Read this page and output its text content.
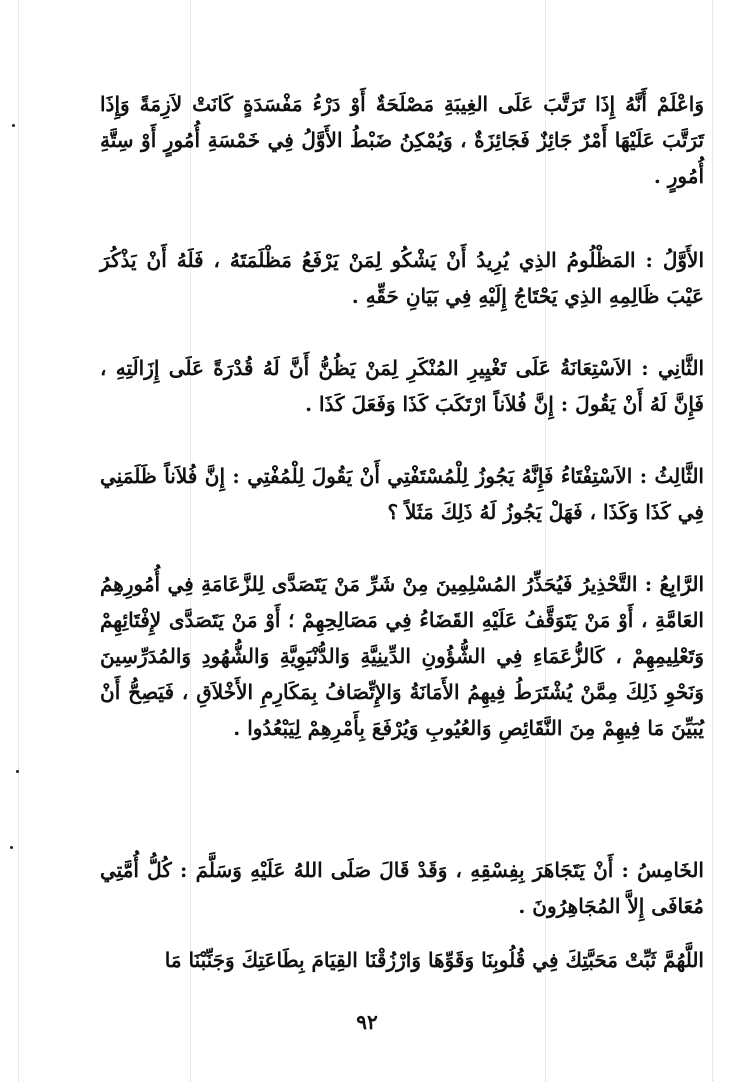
وَاعْلَمْ أَنَّهُ إِذَا تَرَتَّبَ عَلَى الغِيبَةِ مَصْلَحَةٌ أَوْ دَرْءُ مَفْسَدَةٍ كَانَتْ لاَزِمَةً وَإِذَا تَرَتَّبَ عَلَيْهَا أَمْرٌ جَائِزٌ فَجَائِزَةٌ ، وَيُمْكِنُ ضَبْطُ الأَوَّلُ فِي خَمْسَةِ أُمُورٍ أَوْ سِتَّةِ أُمُورٍ .

الأَوَّلُ : المَظْلُومُ الذِي يُرِيدُ أَنْ يَشْكُو لِمَنْ يَرْفَعُ مَظْلَمَتَهُ ، فَلَهُ أَنْ يَذْكُرَ عَيْبَ ظَالِمِهِ الذِي يَحْتَاجُ إِلَيْهِ فِي بَيَانِ حَقِّهِ .

الثَّانِي : الاَسْتِعَانَةُ عَلَى تَغْيِيرِ المُنْكَرِ لِمَنْ يَظُنُّ أَنَّ لَهُ قُدْرَةً عَلَى إِزَالَتِهِ ، فَإِنَّ لَهُ أَنْ يَقُولَ : إِنَّ فُلاَناً ارْتَكَبَ كَذَا وَفَعَلَ كَذَا .

الثَّالِثُ : الاَسْتِفْتَاءُ فَإِنَّهُ يَجُوزُ لِلْمُسْتَفْتِي أَنْ يَقُولَ لِلْمُفْتِي : إِنَّ فُلاَناً ظَلَمَنِي فِي كَذَا وَكَذَا ، فَهَلْ يَجُوزُ لَهُ ذَلِكَ مَثَلاً ؟

الرَّابِعُ : التَّحْذِيرُ فَيُحَذِّرُ المُسْلِمِينَ مِنْ شَرِّ مَنْ يَتَصَدَّى لِلزَّعَامَةِ فِي أُمُورِهِمُ العَامَّةِ ، أَوْ مَنْ يَتَوَقَّفُ عَلَيْهِ القَضَاءُ فِي مَصَالِحِهِمْ ؛ أَوْ مَنْ يَتَصَدَّى لإِفْتَائِهِمْ وَتَعْلِيمِهِمْ ، كَالزُّعَمَاءِ فِي الشُّؤُونِ الدِّينِيَّةِ وَالدُّنْيَوِيَّةِ وَالشُّهُودِ وَالمُدَرِّسِينَ وَنَحْوِ ذَلِكَ مِمَّنْ يُشْتَرَطُ فِيهِمُ الأَمَانَةُ وَالإِتِّصَافُ بِمَكَارِمِ الأَخْلاَقِ ، فَيَصِحُّ أَنْ يُبَيِّنَ مَا فِيهِمْ مِنَ النَّقَائِصِ وَالعُيُوبِ وَيُرْفَعَ بِأَمْرِهِمْ لِيَبْعُدُوا .

الخَامِسُ : أَنْ يَتَجَاهَرَ بِفِسْقِهِ ، وَقَدْ قَالَ صَلَى اللهُ عَلَيْهِ وَسَلَّمَ : كُلُّ أُمَّتِي مُعَافَى إِلاَّ المُجَاهِرُونَ .

اللَّهُمَّ ثَبِّتْ مَحَبَّتِكَ فِي قُلُوبِنَا وَقَوِّهَا وَارْزُقْنَا القِيَامَ بِطَاعَتِكَ وَجَنِّبْنَا مَا

٩٢
